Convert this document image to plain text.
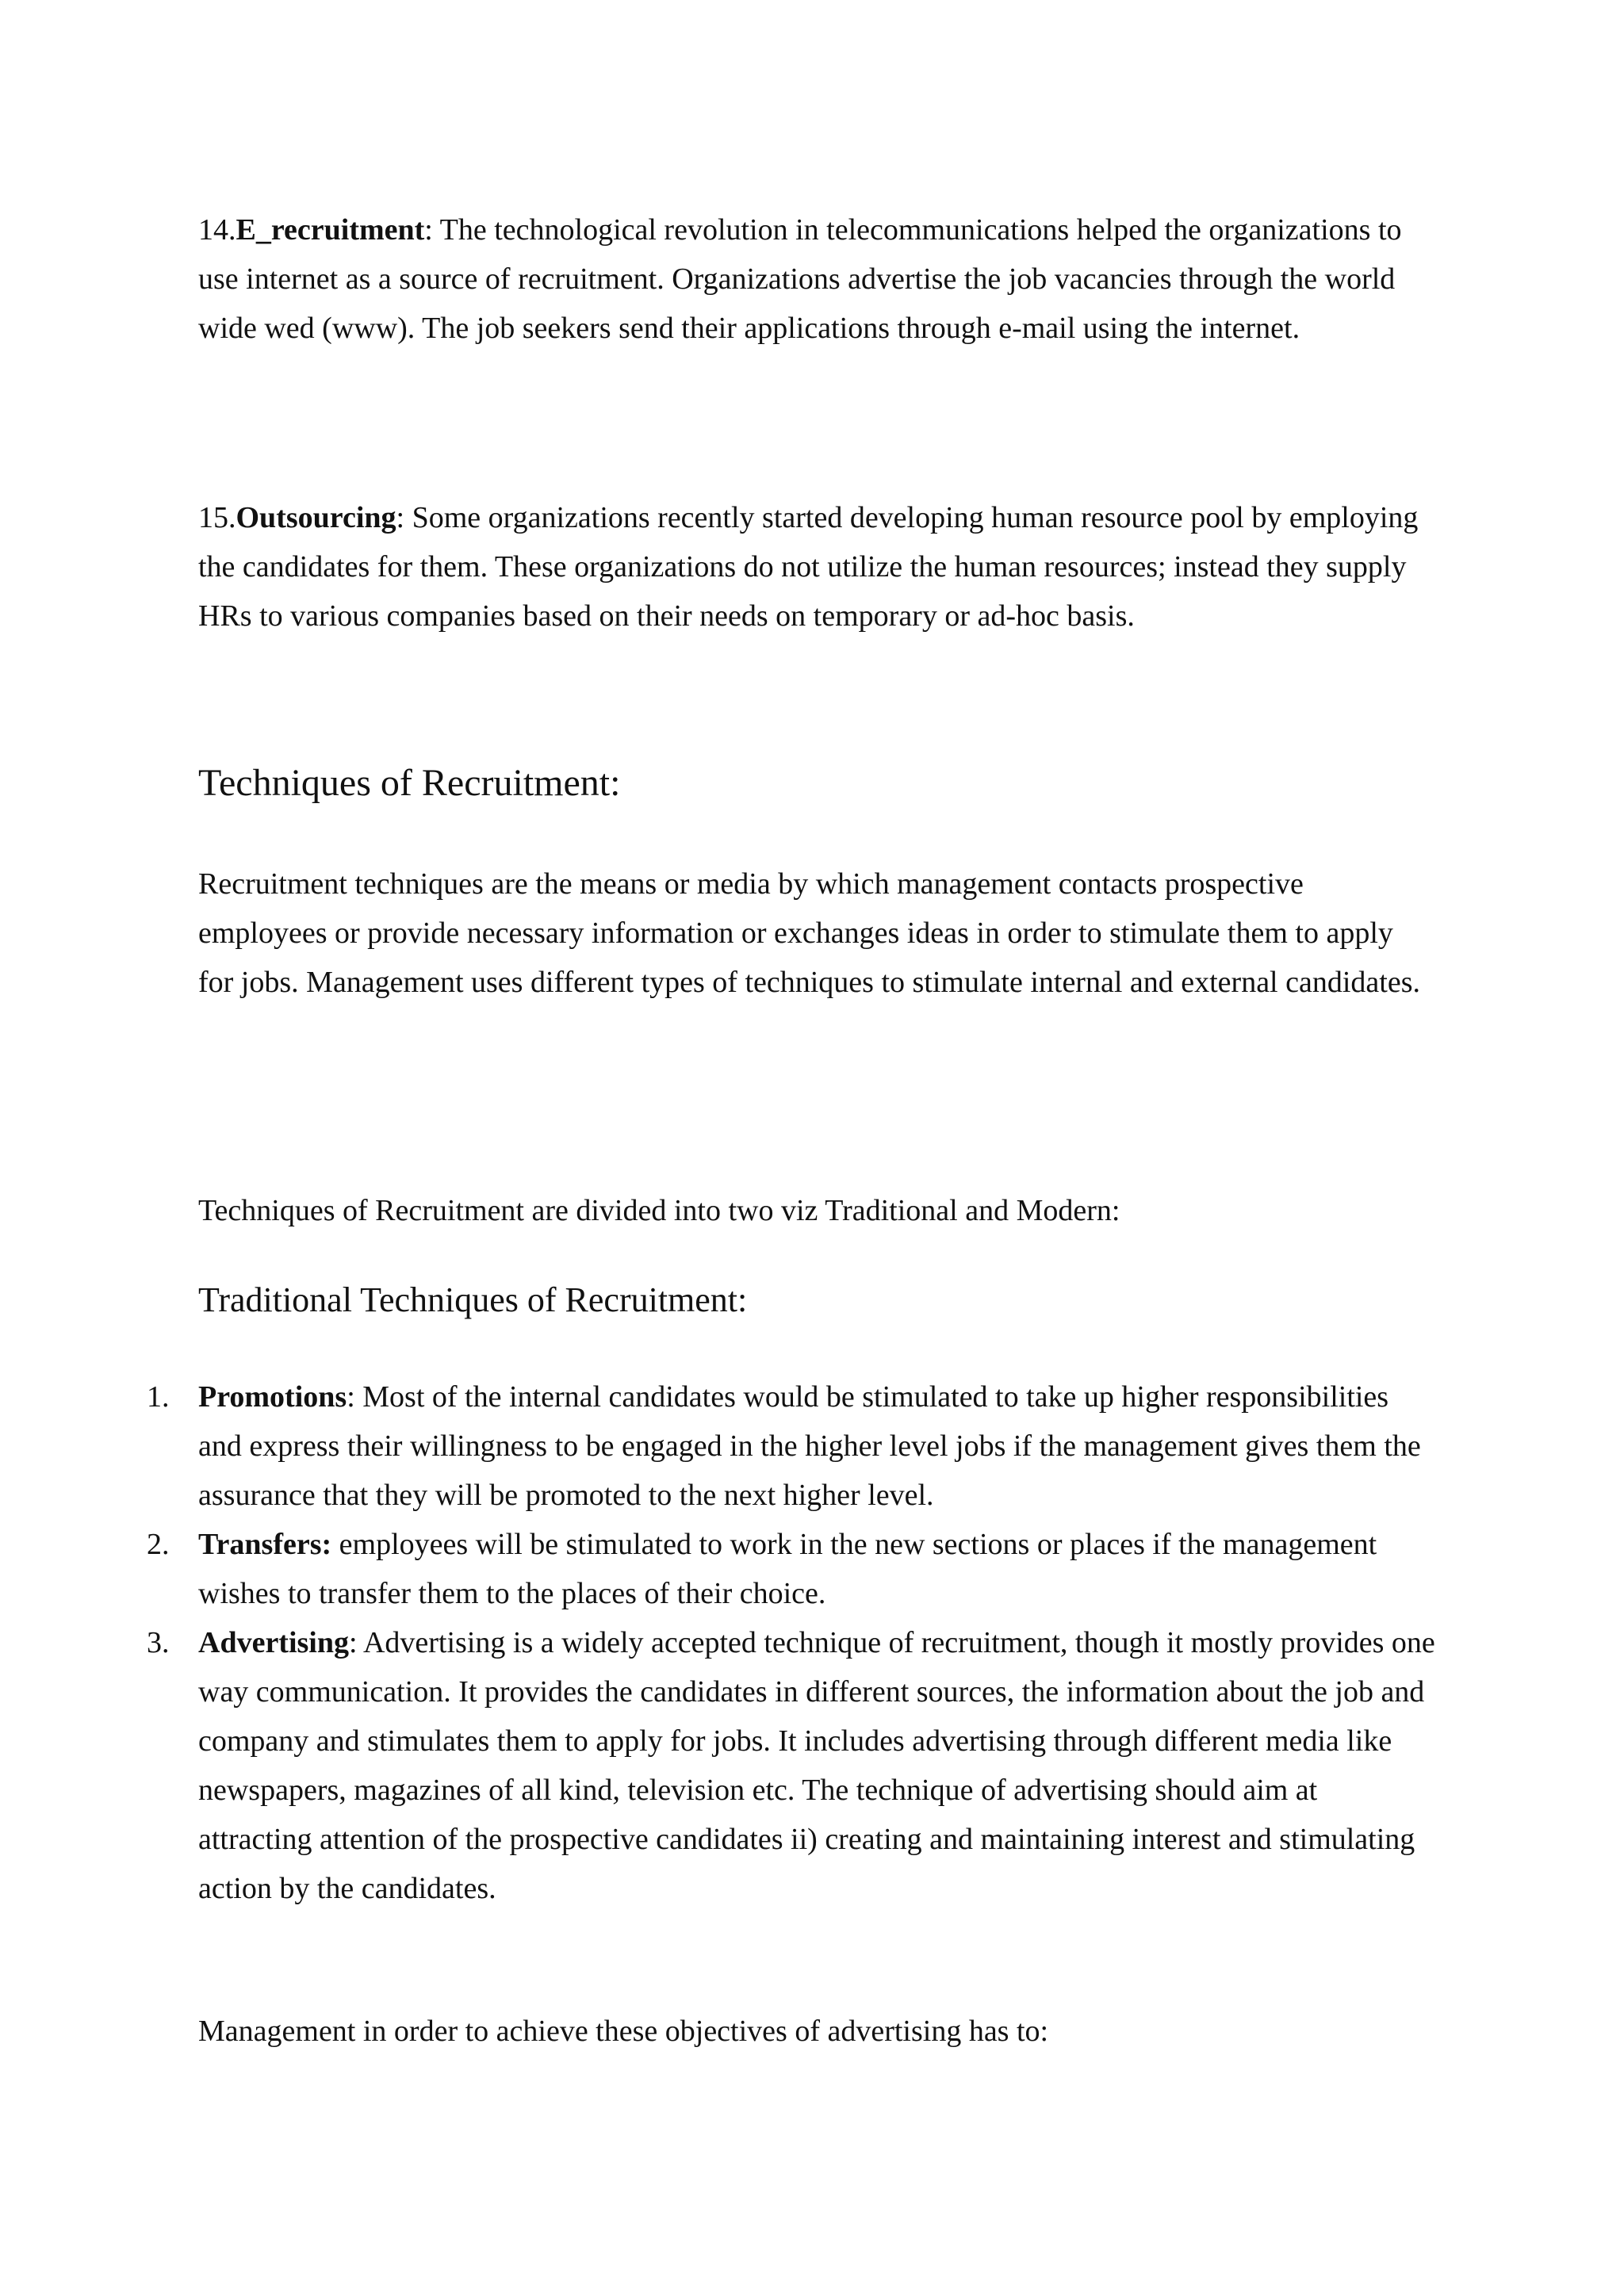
14.E_recruitment: The technological revolution in telecommunications helped the organizations to use internet as a source of recruitment. Organizations advertise the job vacancies through the world wide wed (www). The job seekers send their applications through e-mail using the internet.

15.Outsourcing: Some organizations recently started developing human resource pool by employing the candidates for them. These organizations do not utilize the human resources; instead they supply HRs to various companies based on their needs on temporary or ad-hoc basis.

Techniques of Recruitment:

Recruitment techniques are the means or media by which management contacts prospective employees or provide necessary information or exchanges ideas in order to stimulate them to apply for jobs. Management uses different types of techniques to stimulate internal and external candidates.

Techniques of Recruitment are divided into two viz Traditional and Modern:

Traditional Techniques of Recruitment:
1. Promotions: Most of the internal candidates would be stimulated to take up higher responsibilities and express their willingness to be engaged in the higher level jobs if the management gives them the assurance that they will be promoted to the next higher level.
2. Transfers: employees will be stimulated to work in the new sections or places if the management wishes to transfer them to the places of their choice.
3. Advertising: Advertising is a widely accepted technique of recruitment, though it mostly provides one way communication. It provides the candidates in different sources, the information about the job and company and stimulates them to apply for jobs. It includes advertising through different media like newspapers, magazines of all kind, television etc. The technique of advertising should aim at attracting attention of the prospective candidates ii) creating and maintaining interest and stimulating action by the candidates.

Management in order to achieve these objectives of advertising has to:
